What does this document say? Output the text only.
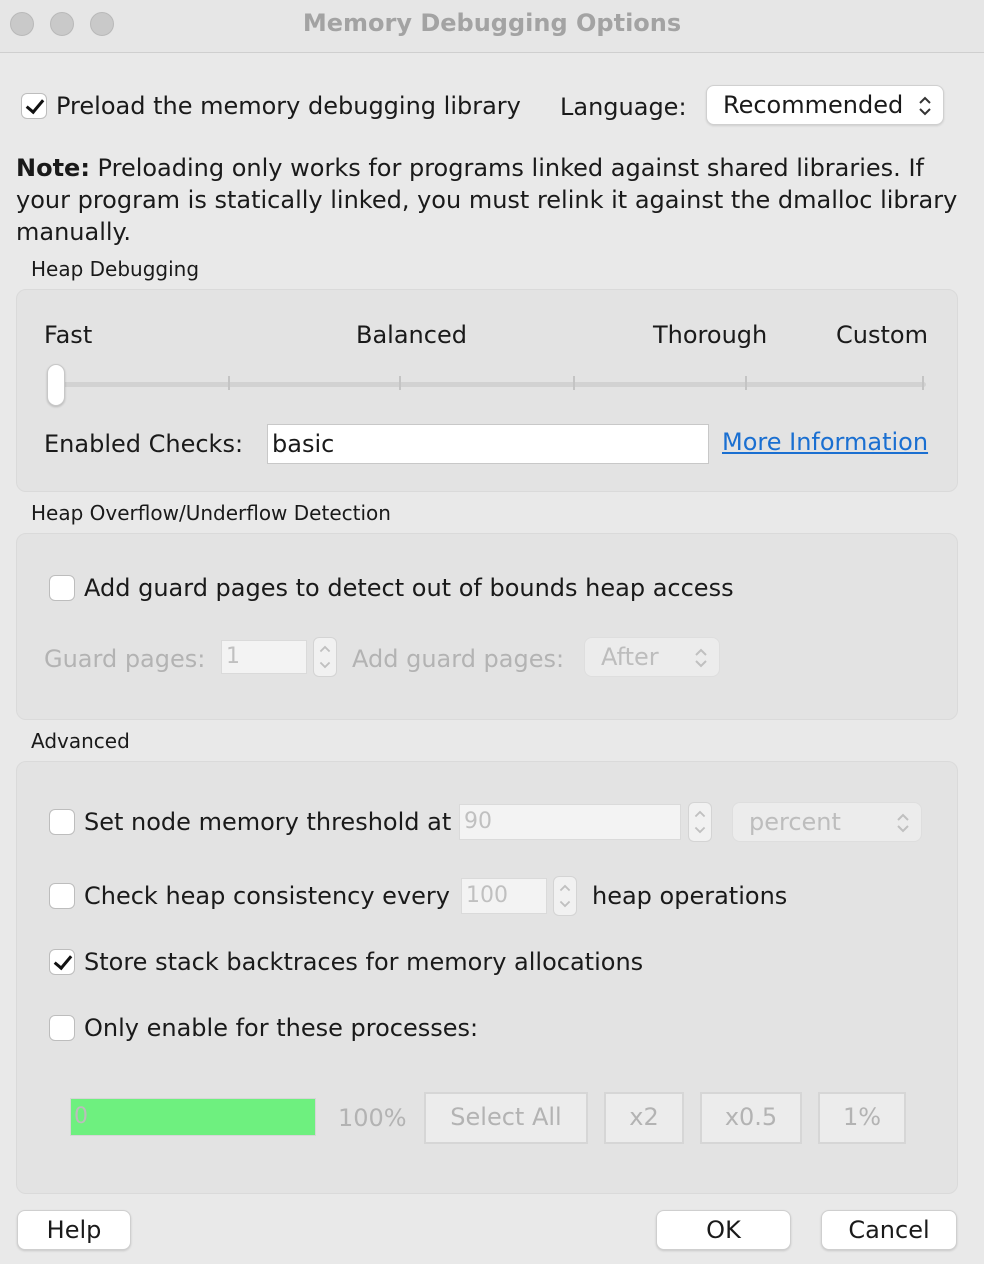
Memory Debugging Options
Preload the memory debugging library Language:	Recommended
Note: Preloading only works for programs linked against shared libraries. If your program is statically linked, you must relink it against the dmalloc library manually.
Heap Debugging
Fast	Balanced	Thorough	Custom
Enabled Checks: basic	More Information
Heap Overflow/Underflow Detection
Add guard pages to detect out of bounds heap access
Guard pages: 1	Add guard pages:	After
Advanced
Set node memory threshold at 90	percent
Check heap consistency every 100	heap operations
Store stack backtraces for memory allocations
Only enable for these processes:
0	100%	Select All	x2	x0.5	1%
Help	OK	Cancel
